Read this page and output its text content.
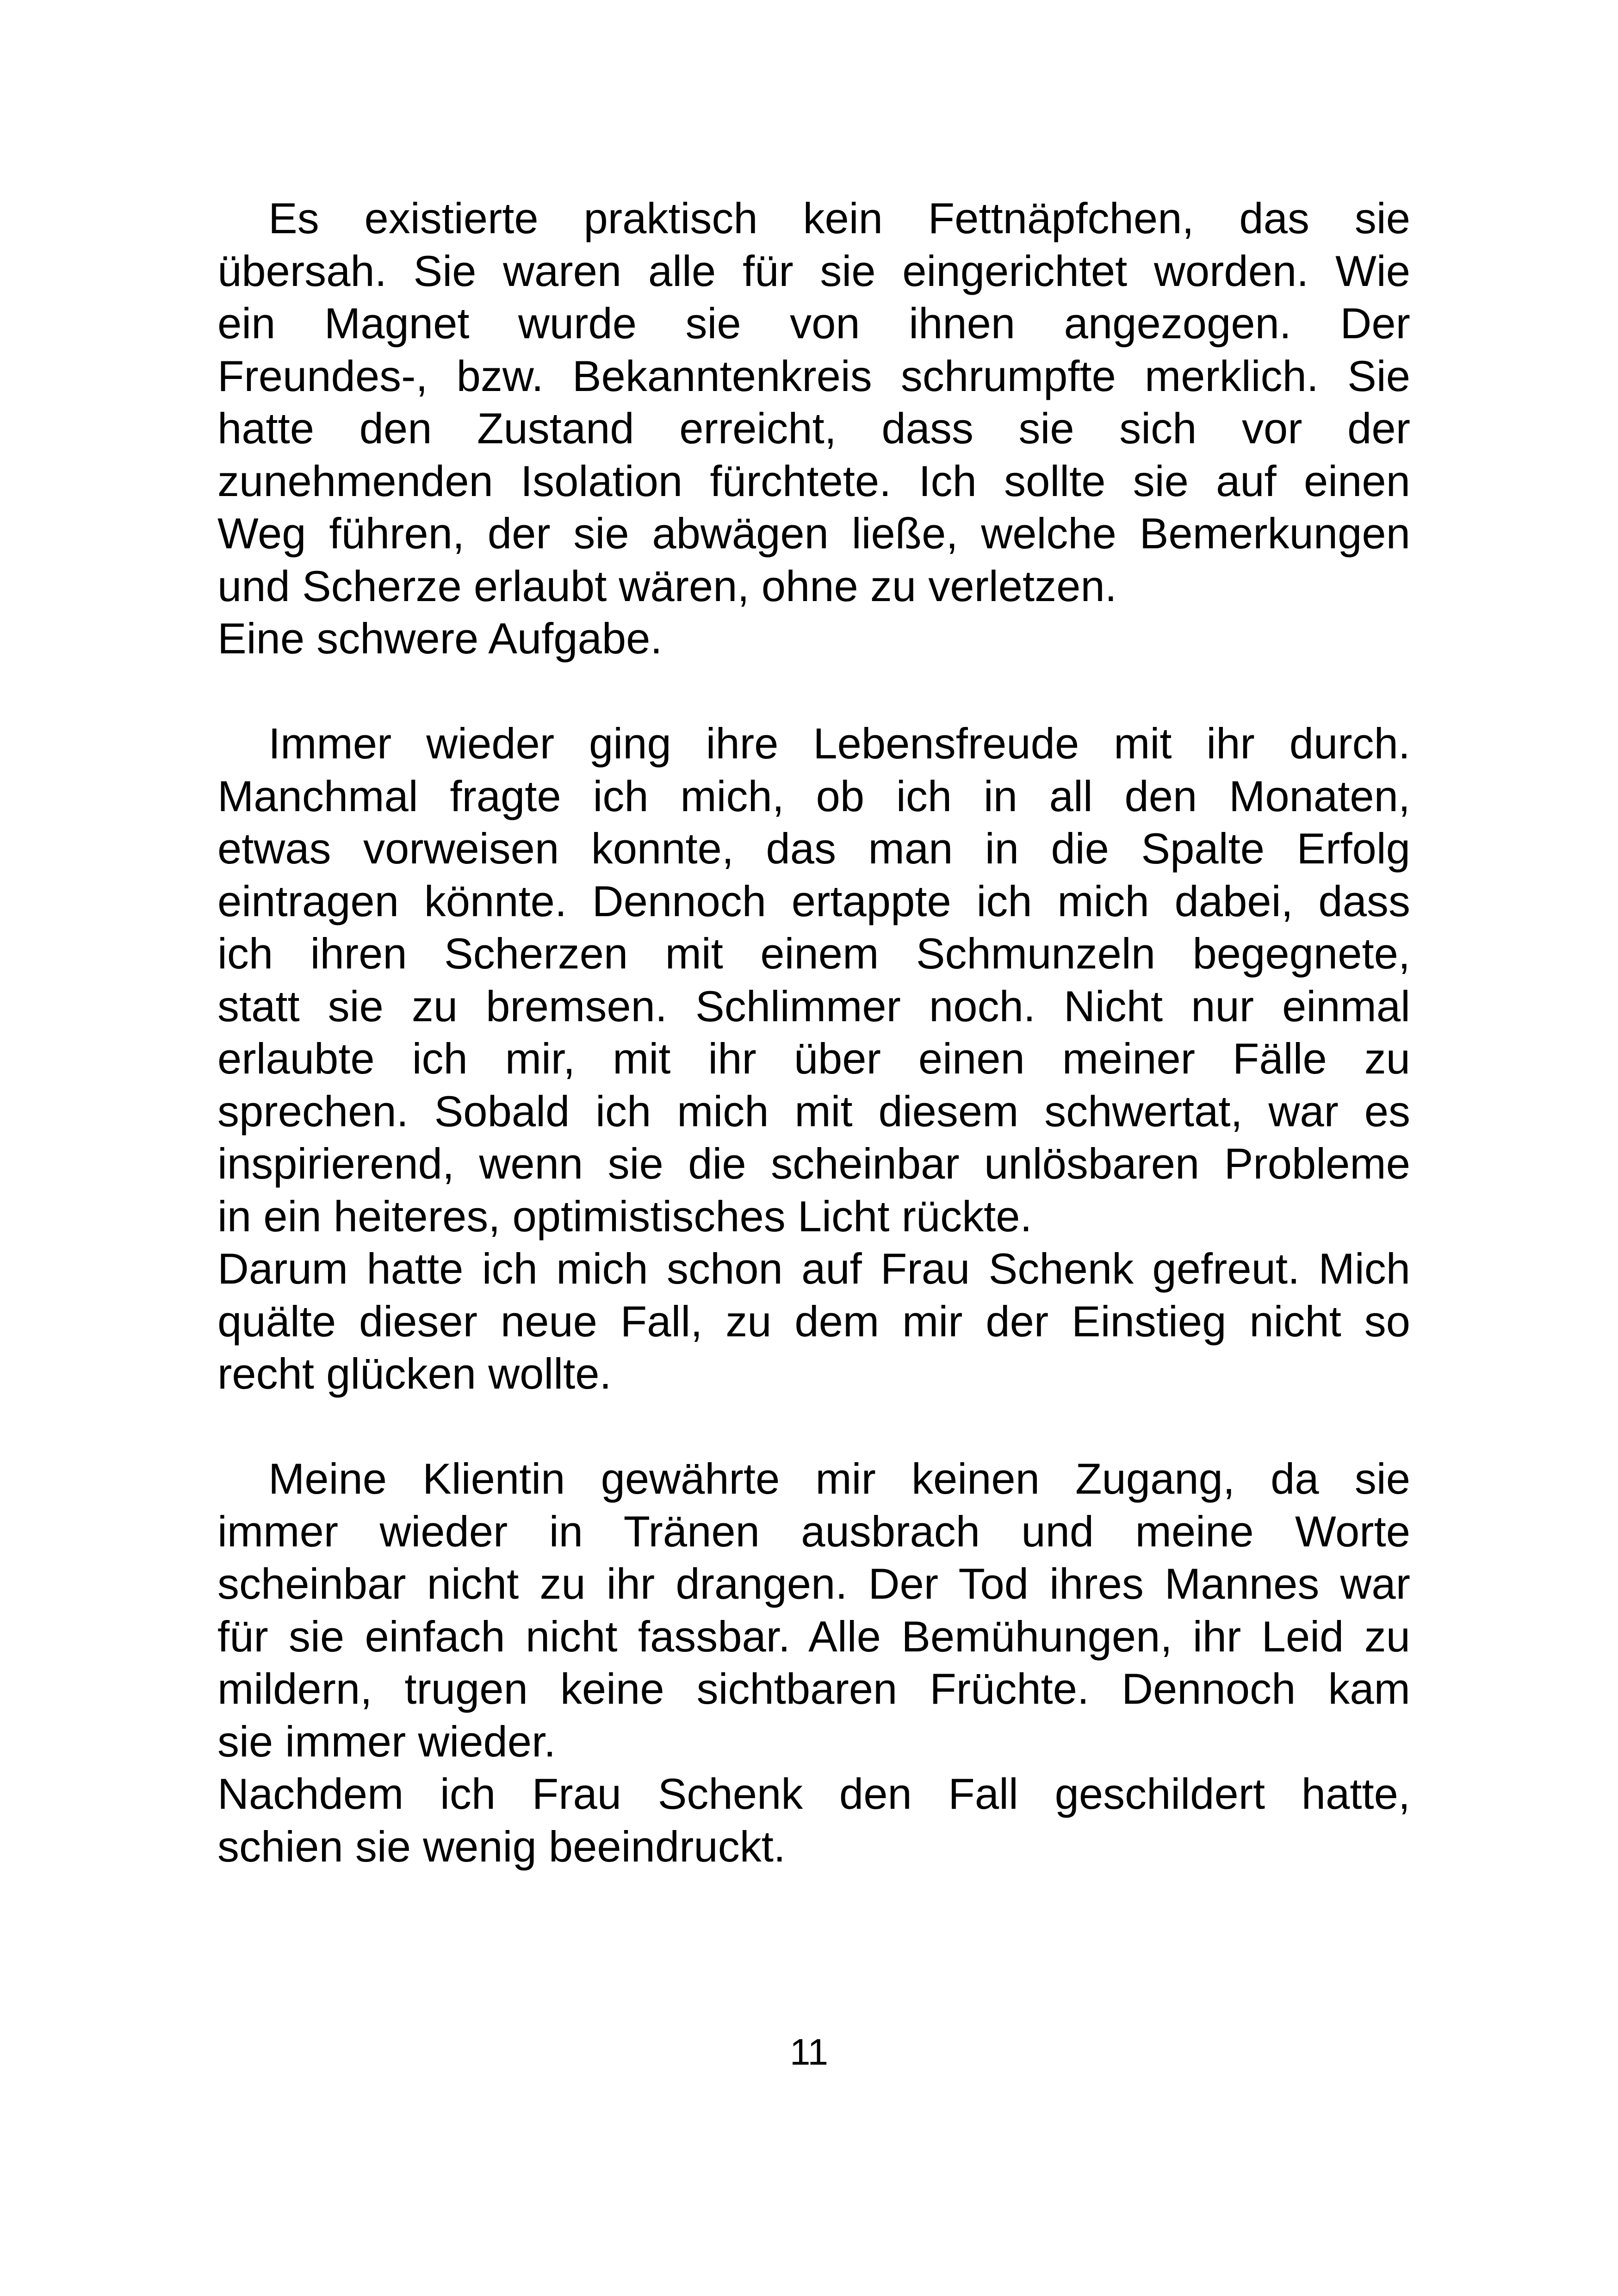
Es existierte praktisch kein Fettnäpfchen, das sie
übersah. Sie waren alle für sie eingerichtet worden. Wie
ein Magnet wurde sie von ihnen angezogen. Der
Freundes-, bzw. Bekanntenkreis schrumpfte merklich. Sie
hatte den Zustand erreicht, dass sie sich vor der
zunehmenden Isolation fürchtete. Ich sollte sie auf einen
Weg führen, der sie abwägen ließe, welche Bemerkungen
und Scherze erlaubt wären, ohne zu verletzen.
Eine schwere Aufgabe.
Immer wieder ging ihre Lebensfreude mit ihr durch.
Manchmal fragte ich mich, ob ich in all den Monaten,
etwas vorweisen konnte, das man in die Spalte Erfolg
eintragen könnte. Dennoch ertappte ich mich dabei, dass
ich ihren Scherzen mit einem Schmunzeln begegnete,
statt sie zu bremsen. Schlimmer noch. Nicht nur einmal
erlaubte ich mir, mit ihr über einen meiner Fälle zu
sprechen. Sobald ich mich mit diesem schwertat, war es
inspirierend, wenn sie die scheinbar unlösbaren Probleme
in ein heiteres, optimistisches Licht rückte.
Darum hatte ich mich schon auf Frau Schenk gefreut. Mich
quälte dieser neue Fall, zu dem mir der Einstieg nicht so
recht glücken wollte.
Meine Klientin gewährte mir keinen Zugang, da sie
immer wieder in Tränen ausbrach und meine Worte
scheinbar nicht zu ihr drangen. Der Tod ihres Mannes war
für sie einfach nicht fassbar. Alle Bemühungen, ihr Leid zu
mildern, trugen keine sichtbaren Früchte. Dennoch kam
sie immer wieder.
Nachdem ich Frau Schenk den Fall geschildert hatte,
schien sie wenig beeindruckt.
11
